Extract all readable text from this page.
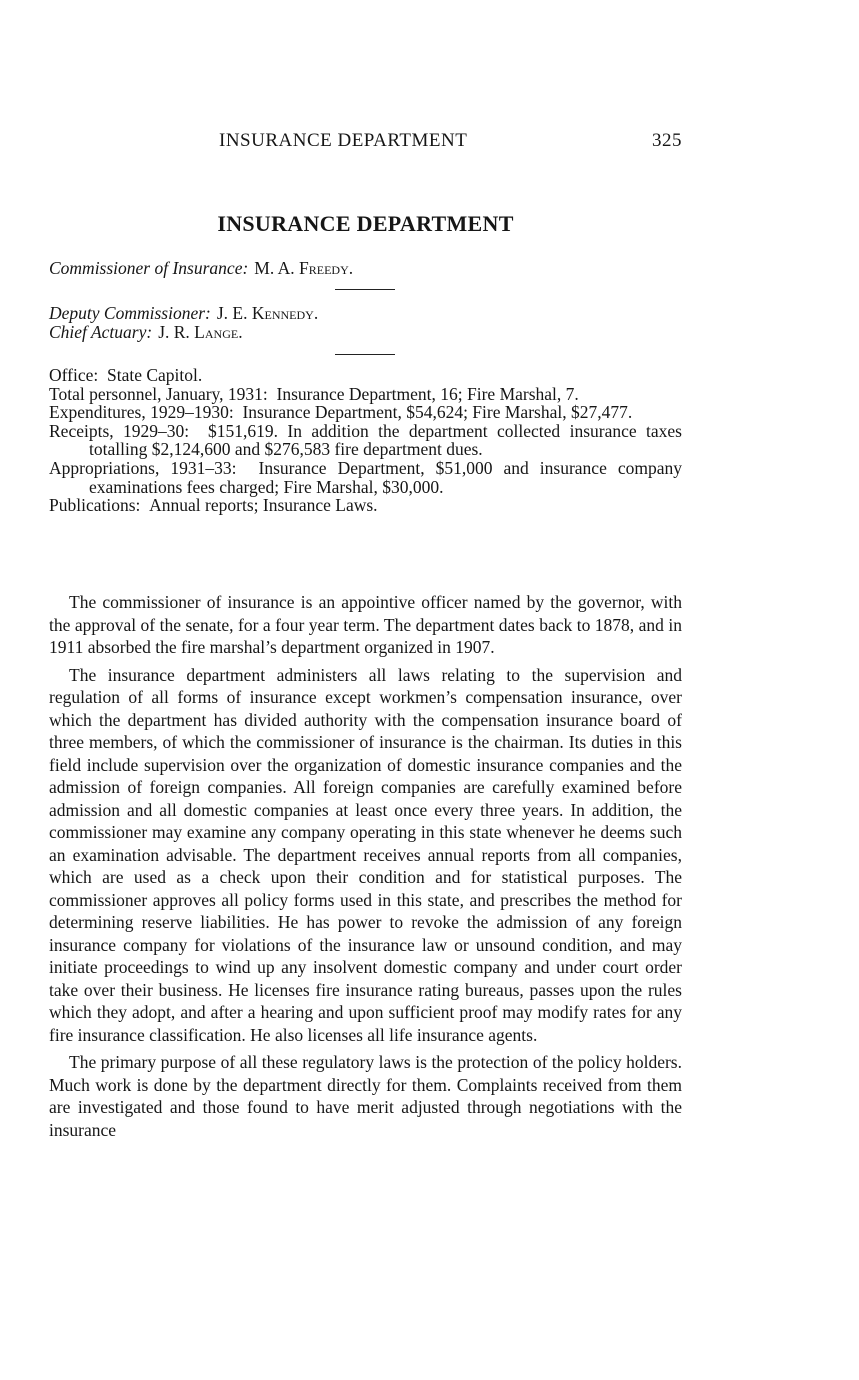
INSURANCE DEPARTMENT	325
INSURANCE DEPARTMENT
Commissioner of Insurance: M. A. Freedy.
Deputy Commissioner: J. E. Kennedy.
Chief Actuary: J. R. Lange.

Office: State Capitol.

Total personnel, January, 1931: Insurance Department, 16; Fire Marshal, 7.

Expenditures, 1929–1930: Insurance Department, $54,624; Fire Marshal, $27,477.

Receipts, 1929–30: $151,619. In addition the department collected insurance taxes totalling $2,124,600 and $276,583 fire department dues.

Appropriations, 1931–33: Insurance Department, $51,000 and insurance company examinations fees charged; Fire Marshal, $30,000.

Publications: Annual reports; Insurance Laws.

The commissioner of insurance is an appointive officer named by the governor, with the approval of the senate, for a four year term. The department dates back to 1878, and in 1911 absorbed the fire marshal’s department organized in 1907.

The insurance department administers all laws relating to the supervision and regulation of all forms of insurance except workmen’s compensation insurance, over which the department has divided authority with the compensation insurance board of three members, of which the commissioner of insurance is the chairman. Its duties in this field include supervision over the organization of domestic insurance companies and the admission of foreign companies. All foreign companies are carefully examined before admission and all domestic companies at least once every three years. In addition, the commissioner may examine any company operating in this state whenever he deems such an examination advisable. The department receives annual reports from all companies, which are used as a check upon their condition and for statistical purposes. The commissioner approves all policy forms used in this state, and prescribes the method for determining reserve liabilities. He has power to revoke the admission of any foreign insurance company for violations of the insurance law or unsound condition, and may initiate proceedings to wind up any insolvent domestic company and under court order take over their business. He licenses fire insurance rating bureaus, passes upon the rules which they adopt, and after a hearing and upon sufficient proof may modify rates for any fire insurance classification. He also licenses all life insurance agents.

The primary purpose of all these regulatory laws is the protection of the policy holders. Much work is done by the department directly for them. Complaints received from them are investigated and those found to have merit adjusted through negotiations with the insurance
